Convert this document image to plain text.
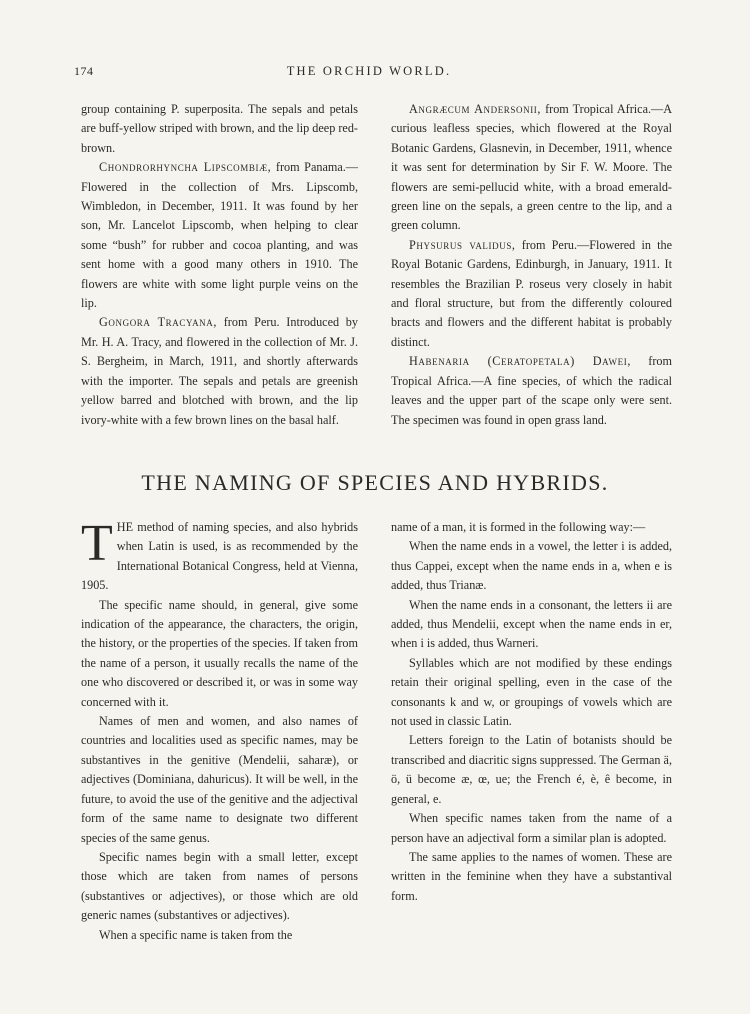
174	THE ORCHID WORLD.

group containing P. superposita. The sepals and petals are buff-yellow striped with brown, and the lip deep red-brown.

Chondrorhyncha Lipscombiæ, from Panama.—Flowered in the collection of Mrs. Lipscomb, Wimbledon, in December, 1911. It was found by her son, Mr. Lancelot Lipscomb, when helping to clear some “bush” for rubber and cocoa planting, and was sent home with a good many others in 1910. The flowers are white with some light purple veins on the lip.

Gongora Tracyana, from Peru. Introduced by Mr. H. A. Tracy, and flowered in the collection of Mr. J. S. Bergheim, in March, 1911, and shortly afterwards with the importer. The sepals and petals are greenish yellow barred and blotched with brown, and the lip ivory-white with a few brown lines on the basal half.

Angræcum Andersonii, from Tropical Africa.—A curious leafless species, which flowered at the Royal Botanic Gardens, Glasnevin, in December, 1911, whence it was sent for determination by Sir F. W. Moore. The flowers are semi-pellucid white, with a broad emerald-green line on the sepals, a green centre to the lip, and a green column.

Physurus validus, from Peru.—Flowered in the Royal Botanic Gardens, Edinburgh, in January, 1911. It resembles the Brazilian P. roseus very closely in habit and floral structure, but from the differently coloured bracts and flowers and the different habitat is probably distinct.

Habenaria (Ceratopetala) Dawei, from Tropical Africa.—A fine species, of which the radical leaves and the upper part of the scape only were sent. The specimen was found in open grass land.

THE NAMING OF SPECIES AND HYBRIDS.

THE method of naming species, and also hybrids when Latin is used, is as recommended by the International Botanical Congress, held at Vienna, 1905.

The specific name should, in general, give some indication of the appearance, the characters, the origin, the history, or the properties of the species. If taken from the name of a person, it usually recalls the name of the one who discovered or described it, or was in some way concerned with it.

Names of men and women, and also names of countries and localities used as specific names, may be substantives in the genitive (Mendelii, saharæ), or adjectives (Dominiana, dahuricus). It will be well, in the future, to avoid the use of the genitive and the adjectival form of the same name to designate two different species of the same genus.

Specific names begin with a small letter, except those which are taken from names of persons (substantives or adjectives), or those which are old generic names (substantives or adjectives).

When a specific name is taken from the

name of a man, it is formed in the following way:—

When the name ends in a vowel, the letter i is added, thus Cappei, except when the name ends in a, when e is added, thus Trianæ.

When the name ends in a consonant, the letters ii are added, thus Mendelii, except when the name ends in er, when i is added, thus Warneri.

Syllables which are not modified by these endings retain their original spelling, even in the case of the consonants k and w, or groupings of vowels which are not used in classic Latin.

Letters foreign to the Latin of botanists should be transcribed and diacritic signs suppressed. The German ä, ö, ü become æ, œ, ue; the French é, è, ê become, in general, e.

When specific names taken from the name of a person have an adjectival form a similar plan is adopted.

The same applies to the names of women. These are written in the feminine when they have a substantival form.
